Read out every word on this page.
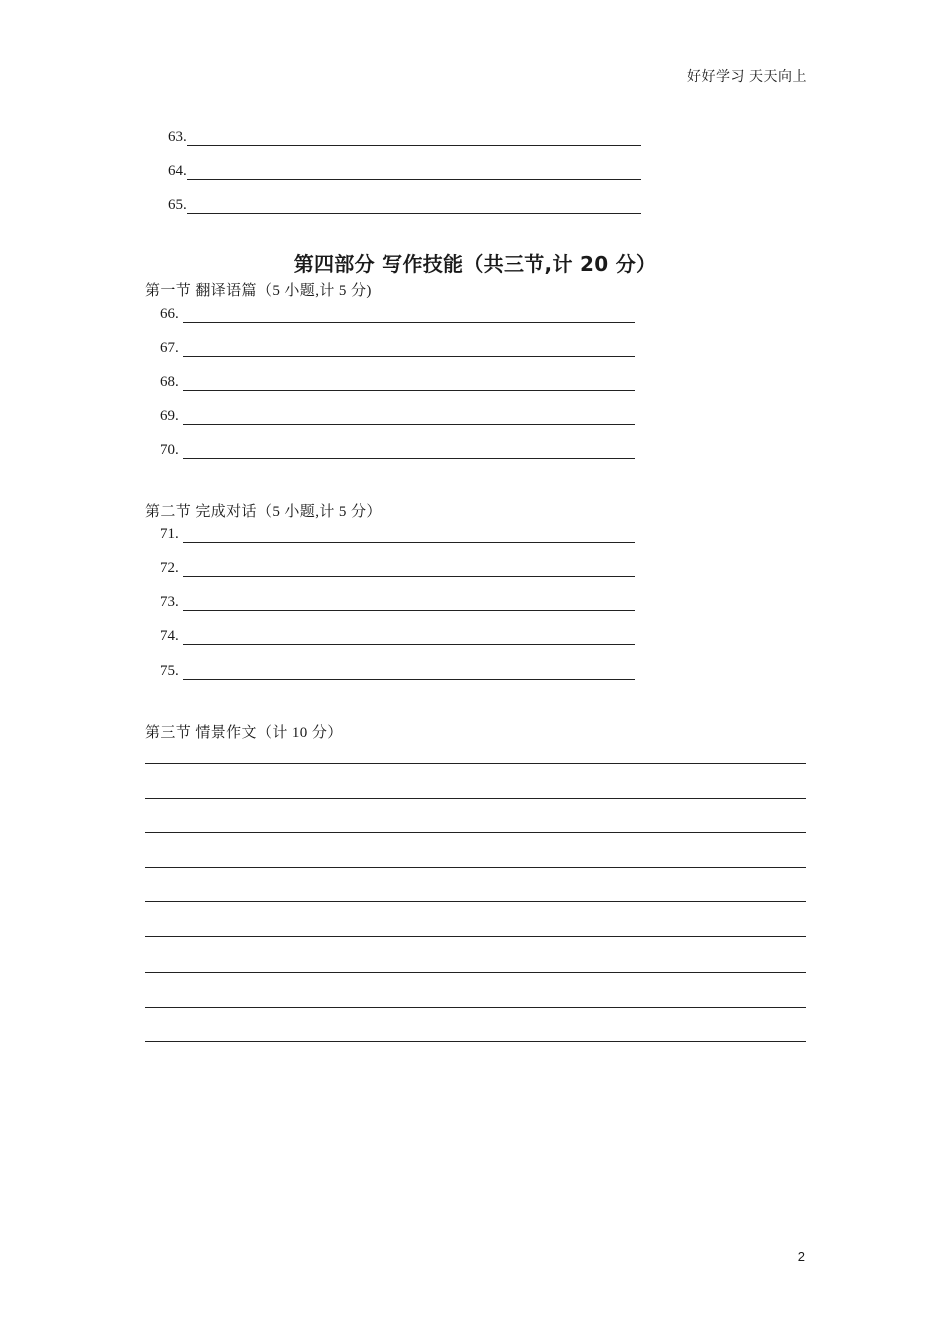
好好学习 天天向上
63.
64.
65.
第四部分 写作技能（共三节,计 20 分）
第一节 翻译语篇（5 小题,计 5 分)
66.
67.
68.
69.
70.
第二节 完成对话（5 小题,计 5 分）
71.
72.
73.
74.
75.
第三节 情景作文（计 10 分）
2
